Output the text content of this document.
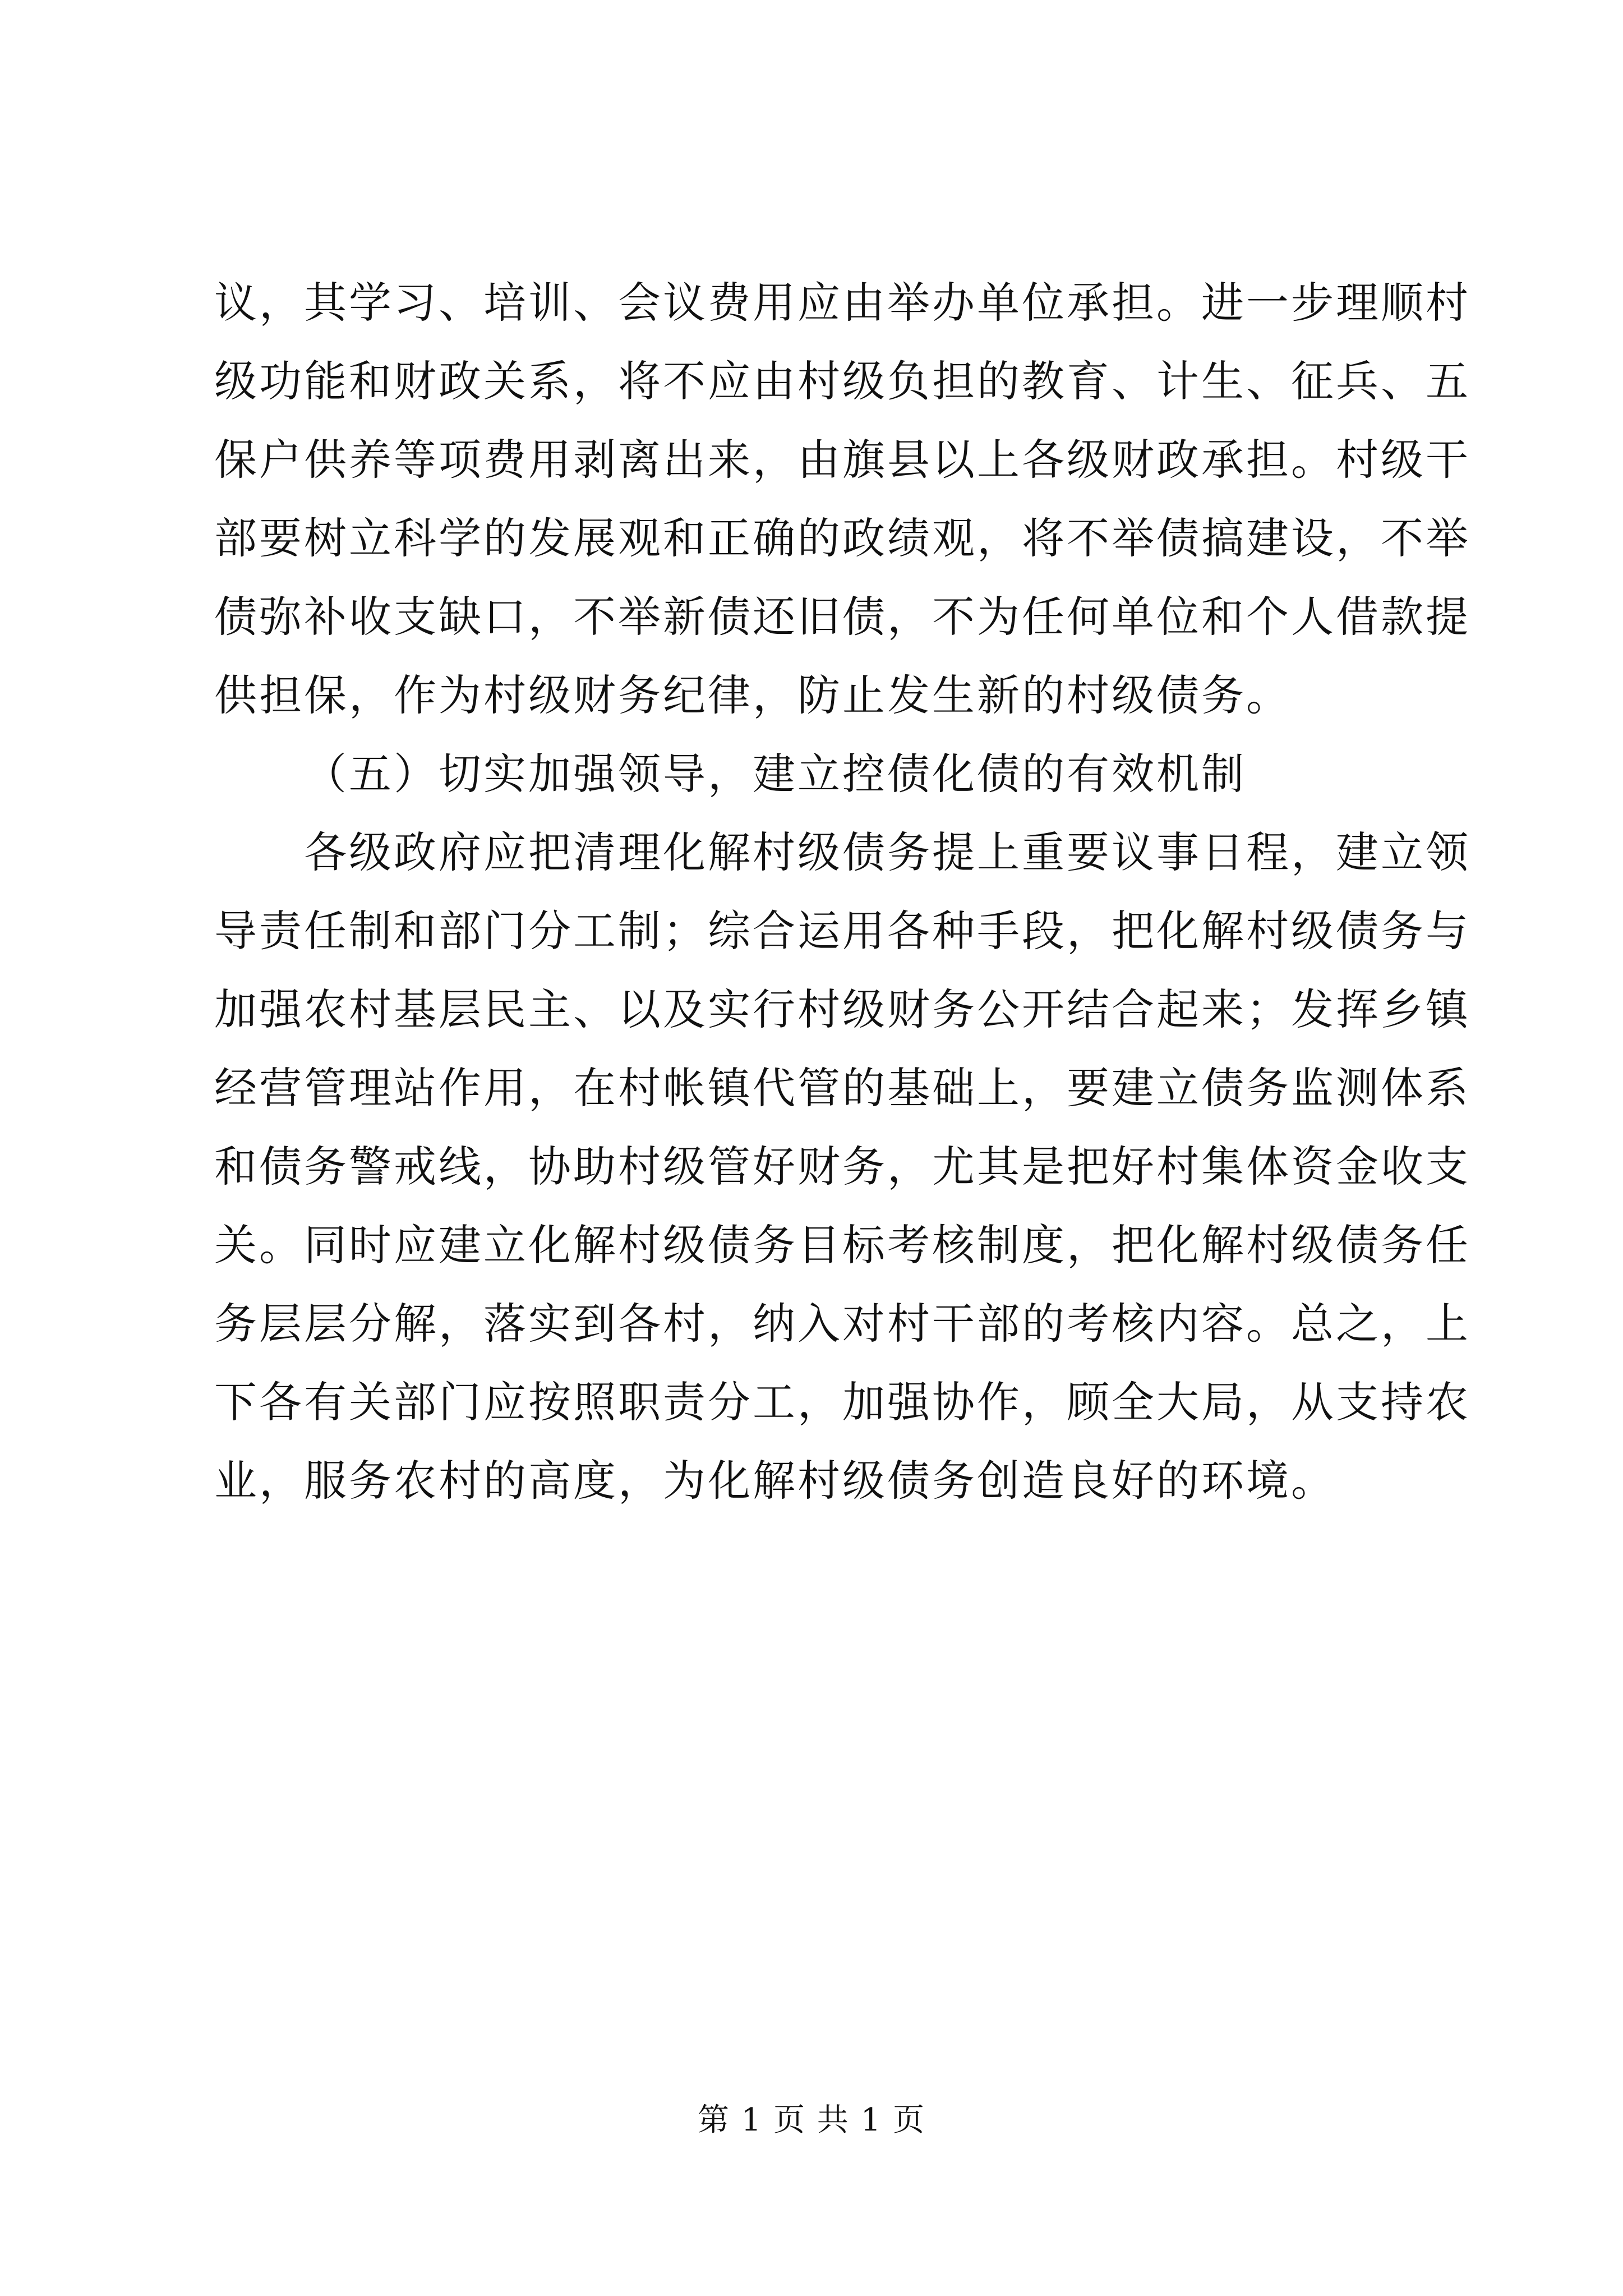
议，其学习、培训、会议费用应由举办单位承担。进一步理顺村
级功能和财政关系，将不应由村级负担的教育、计生、征兵、五
保户供养等项费用剥离出来，由旗县以上各级财政承担。村级干
部要树立科学的发展观和正确的政绩观，将不举债搞建设，不举
债弥补收支缺口，不举新债还旧债，不为任何单位和个人借款提
供担保，作为村级财务纪律，防止发生新的村级债务。
（五）切实加强领导，建立控债化债的有效机制
各级政府应把清理化解村级债务提上重要议事日程，建立领
导责任制和部门分工制；综合运用各种手段，把化解村级债务与
加强农村基层民主、以及实行村级财务公开结合起来；发挥乡镇
经营管理站作用，在村帐镇代管的基础上，要建立债务监测体系
和债务警戒线，协助村级管好财务，尤其是把好村集体资金收支
关。同时应建立化解村级债务目标考核制度，把化解村级债务任
务层层分解，落实到各村，纳入对村干部的考核内容。总之，上
下各有关部门应按照职责分工，加强协作，顾全大局，从支持农
业，服务农村的高度，为化解村级债务创造良好的环境。
第 1 页 共 1 页
